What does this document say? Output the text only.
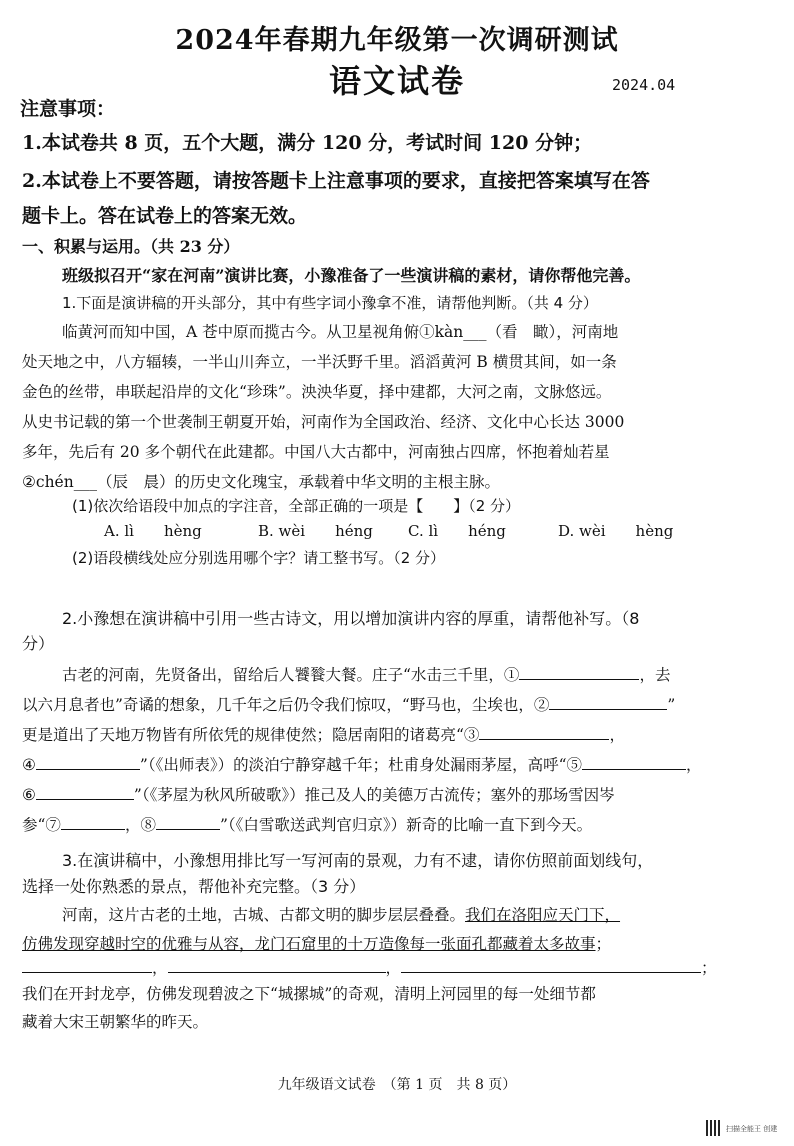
2024年春期九年级第一次调研测试
语文试卷	2024.04
注意事项：
1.本试卷共 8 页，五个大题，满分 120 分，考试时间 120 分钟；
2.本试卷上不要答题，请按答题卡上注意事项的要求，直接把答案填写在答
题卡上。答在试卷上的答案无效。
一、积累与运用。（共 23 分）
班级拟召开“家在河南”演讲比赛，小豫准备了一些演讲稿的素材，请你帮他完善。
1.下面是演讲稿的开头部分，其中有些字词小豫拿不准，请帮他判断。（共 4 分）
临黄河而知中国，A 苍中原而揽古今。从卫星视角俯①kàn___（看　瞰），河南地
处天地之中，八方辐辏，一半山川奔立，一半沃野千里。滔滔黄河 B 横贯其间，如一条
金色的丝带，串联起沿岸的文化“珍珠”。泱泱华夏，择中建都，大河之南，文脉悠远。
从史书记载的第一个世袭制王朝夏开始，河南作为全国政治、经济、文化中心长达 3000
多年，先后有 20 多个朝代在此建都。中国八大古都中，河南独占四席，怀抱着灿若星
②chén___（辰　晨）的历史文化瑰宝，承载着中华文明的主根主脉。
(1)依次给语段中加点的字注音，全部正确的一项是【　　】（2 分）
A. lì　　hèng	B. wèi　　héng C. lì　　héng	D. wèi　　hèng
(2)语段横线处应分别选用哪个字？请工整书写。（2 分）
2.小豫想在演讲稿中引用一些古诗文，用以增加演讲内容的厚重，请帮他补写。（8
分）
古老的河南，先贤备出，留给后人饕餮大餐。庄子“水击三千里，①	，去
以六月息者也”奇谲的想象，几千年之后仍令我们惊叹，“野马也，尘埃也，②	”
更是道出了天地万物皆有所依凭的规律使然；隐居南阳的诸葛亮“③	，
④	”（《出师表》）的淡泊宁静穿越千年；杜甫身处漏雨茅屋，高呼“⑤	，
⑥	”（《茅屋为秋风所破歌》）推己及人的美德万古流传；塞外的那场雪因岑
参“⑦	，⑧	”（《白雪歌送武判官归京》）新奇的比喻一直下到今天。
3.在演讲稿中，小豫想用排比写一写河南的景观，力有不逮，请你仿照前面划线句，
选择一处你熟悉的景点，帮他补充完整。（3 分）
河南，这片古老的土地，古城、古都文明的脚步层层叠叠。我们在洛阳应天门下，
仿佛发现穿越时空的优雅与从容，龙门石窟里的十万造像每一张面孔都藏着太多故事；
，	，	；
我们在开封龙亭，仿佛发现碧波之下“城摞城”的奇观，清明上河园里的每一处细节都
藏着大宋王朝繁华的昨天。
九年级语文试卷　（第 1 页　共 8 页）
扫描全能王 创建
